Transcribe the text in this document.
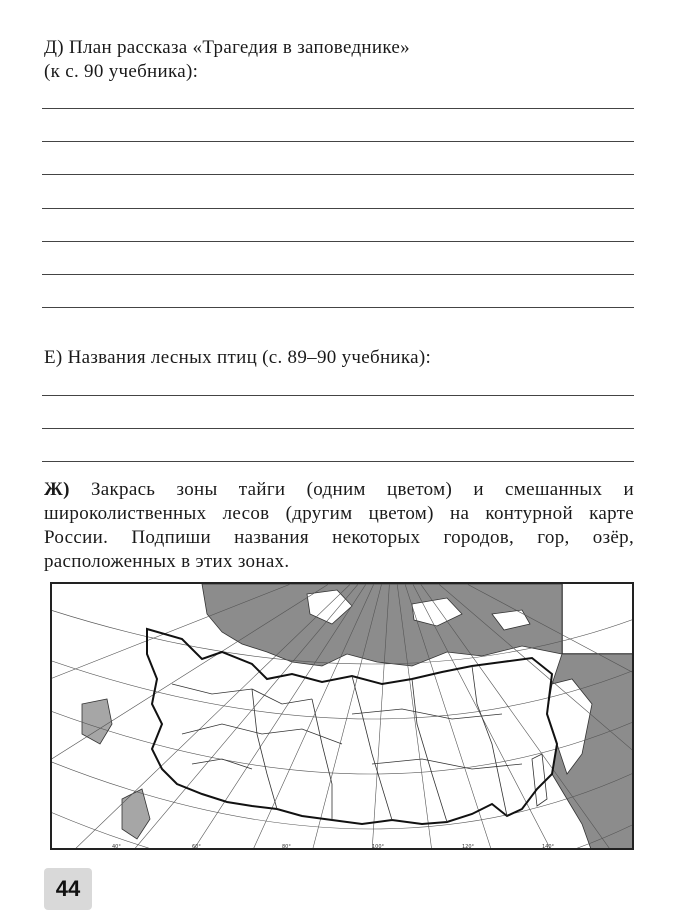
Д) План рассказа «Трагедия в заповеднике»
(к с. 90 учебника):
Е) Названия лесных птиц (с. 89–90 учебника):
Ж) Закрась зоны тайги (одним цветом) и смешанных и широколиственных лесов (другим цветом) на контурной карте России. Подпиши названия некоторых городов, гор, озёр, расположенных в этих зонах.
40°	60°	80°	100°	120°	140°
44
